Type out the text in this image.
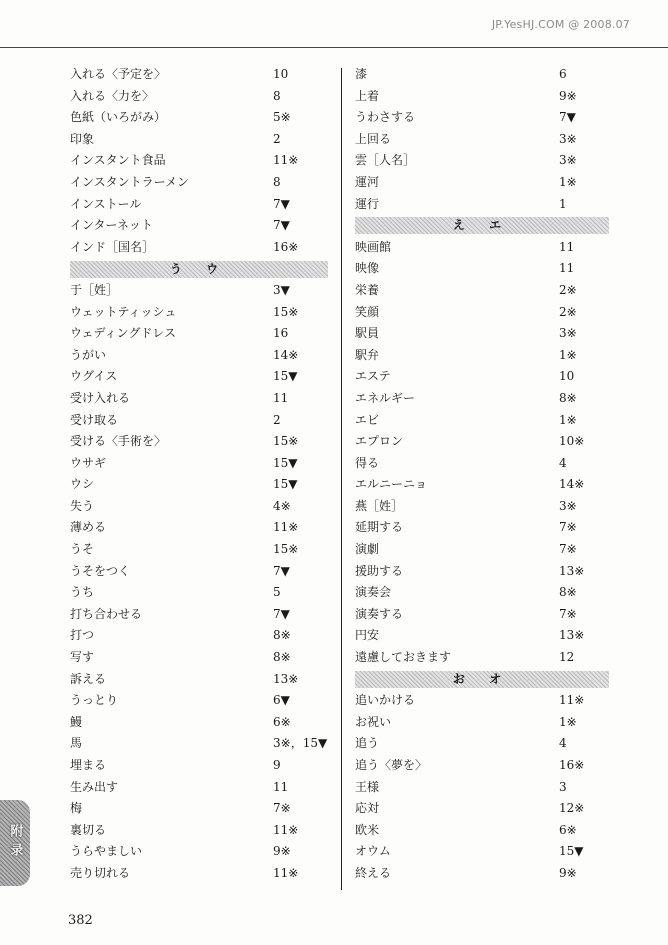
JP.YesHJ.COM @ 2008.07
入れる〈予定を〉	10
入れる〈力を〉	8
色紙（いろがみ）	5※
印象	2
インスタント食品	11※
インスタントラーメン	8
インストール	7▼
インターネット	7▼
インド［国名］	16※
う ウ
于［姓］	3▼
ウェットティッシュ	15※
ウェディングドレス	16
うがい	14※
ウグイス	15▼
受け入れる	11
受け取る	2
受ける〈手術を〉	15※
ウサギ	15▼
ウシ	15▼
失う	4※
薄める	11※
うそ	15※
うそをつく	7▼
うち	5
打ち合わせる	7▼
打つ	8※
写す	8※
訴える	13※
うっとり	6▼
鰻	6※
馬	3※，15▼
埋まる	9
生み出す	11
梅	7※
裏切る	11※
うらやましい	9※
売り切れる	11※
漆	6
上着	9※
うわさする	7▼
上回る	3※
雲［人名］	3※
運河	1※
運行	1
え エ
映画館	11
映像	11
栄養	2※
笑顔	2※
駅員	3※
駅弁	1※
エステ	10
エネルギー	8※
エビ	1※
エプロン	10※
得る	4
エルニーニョ	14※
燕［姓］	3※
延期する	7※
演劇	7※
援助する	13※
演奏会	8※
演奏する	7※
円安	13※
遠慮しておきます	12
お オ
追いかける	11※
お祝い	1※
追う	4
追う〈夢を〉	16※
王様	3
応対	12※
欧米	6※
オウム	15▼
終える	9※
382
附录
